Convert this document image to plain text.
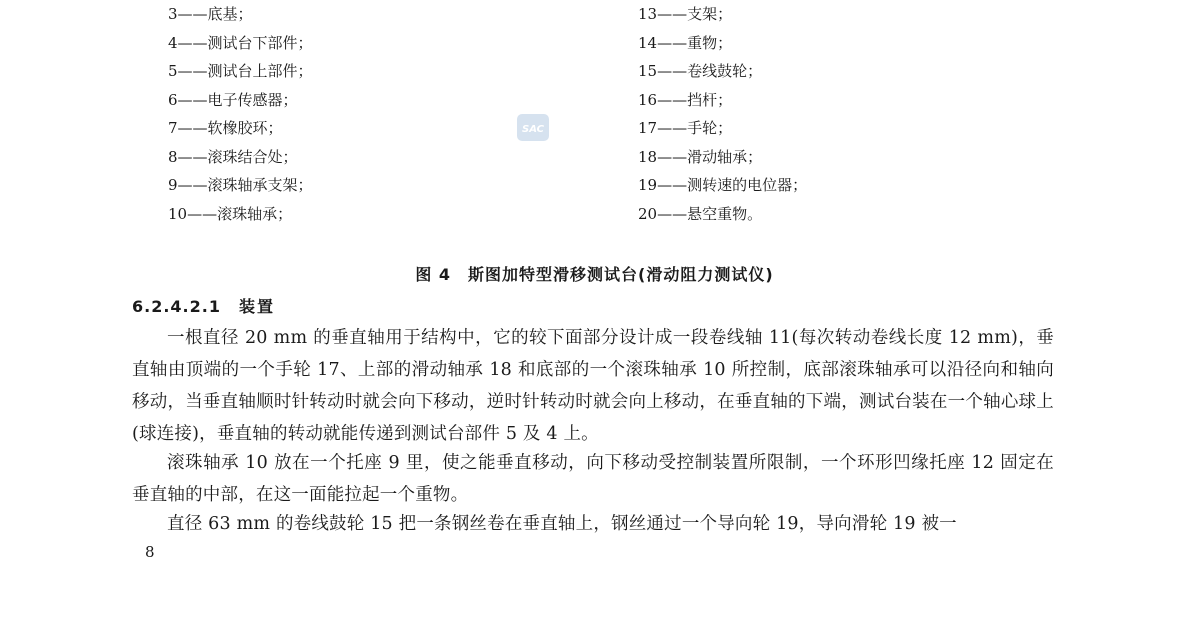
3——底基；
4——测试台下部件；
5——测试台上部件；
6——电子传感器；
7——软橡胶环；
8——滚珠结合处；
9——滚珠轴承支架；
10——滚珠轴承；
13——支架；
14——重物；
15——卷线鼓轮；
16——挡杆；
17——手轮；
18——滑动轴承；
19——测转速的电位器；
20——悬空重物。
SAC
图 4　斯图加特型滑移测试台(滑动阻力测试仪)
6.2.4.2.1 装置

一根直径 20 mm 的垂直轴用于结构中，它的较下面部分设计成一段卷线轴 11(每次转动卷线长度 12 mm)，垂直轴由顶端的一个手轮 17、上部的滑动轴承 18 和底部的一个滚珠轴承 10 所控制，底部滚珠轴承可以沿径向和轴向移动，当垂直轴顺时针转动时就会向下移动，逆时针转动时就会向上移动，在垂直轴的下端，测试台装在一个轴心球上(球连接)，垂直轴的转动就能传递到测试台部件 5 及 4 上。

滚珠轴承 10 放在一个托座 9 里，使之能垂直移动，向下移动受控制装置所限制，一个环形凹缘托座 12 固定在垂直轴的中部，在这一面能拉起一个重物。

直径 63 mm 的卷线鼓轮 15 把一条钢丝卷在垂直轴上，钢丝通过一个导向轮 19，导向滑轮 19 被一

8
